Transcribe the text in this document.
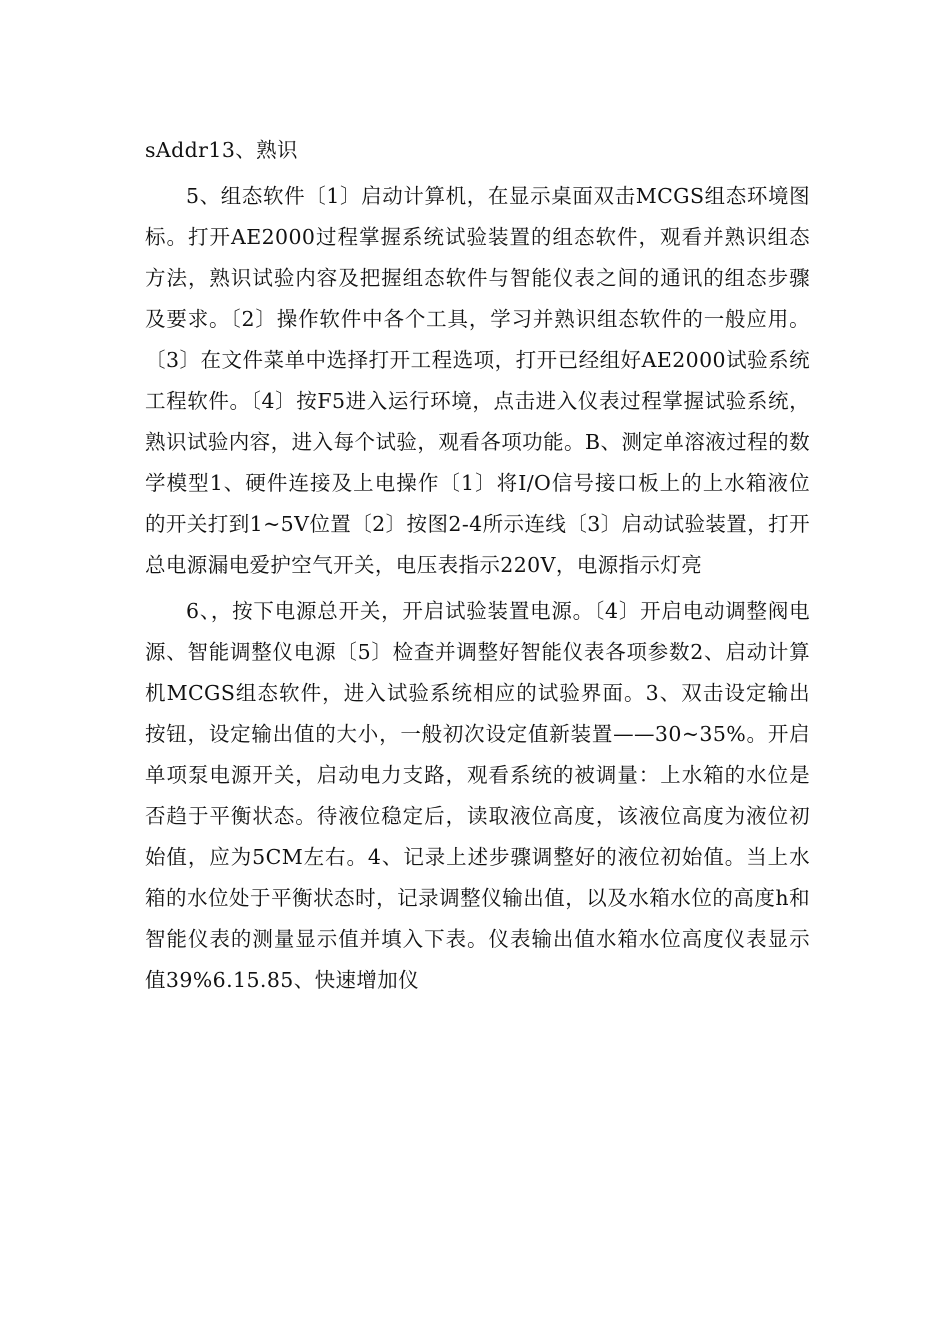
sAddr13、熟识

5、组态软件〔1〕启动计算机，在显示桌面双击MCGS组态环境图标。打开AE2000过程掌握系统试验装置的组态软件，观看并熟识组态方法，熟识试验内容及把握组态软件与智能仪表之间的通讯的组态步骤及要求。〔2〕操作软件中各个工具，学习并熟识组态软件的一般应用。〔3〕在文件菜单中选择打开工程选项，打开已经组好AE2000试验系统工程软件。〔4〕按F5进入运行环境，点击进入仪表过程掌握试验系统，熟识试验内容，进入每个试验，观看各项功能。B、测定单溶液过程的数学模型1、硬件连接及上电操作〔1〕将I/O信号接口板上的上水箱液位的开关打到1~5V位置〔2〕按图2-4所示连线〔3〕启动试验装置，打开总电源漏电爱护空气开关，电压表指示220V，电源指示灯亮

6、，按下电源总开关，开启试验装置电源。〔4〕开启电动调整阀电源、智能调整仪电源〔5〕检查并调整好智能仪表各项参数2、启动计算机MCGS组态软件，进入试验系统相应的试验界面。3、双击设定输出按钮，设定输出值的大小，一般初次设定值新装置——30~35%。开启单项泵电源开关，启动电力支路，观看系统的被调量：上水箱的水位是否趋于平衡状态。待液位稳定后，读取液位高度，该液位高度为液位初始值，应为5CM左右。4、记录上述步骤调整好的液位初始值。当上水箱的水位处于平衡状态时，记录调整仪输出值，以及水箱水位的高度h和智能仪表的测量显示值并填入下表。仪表输出值水箱水位高度仪表显示值39%6.15.85、快速增加仪
